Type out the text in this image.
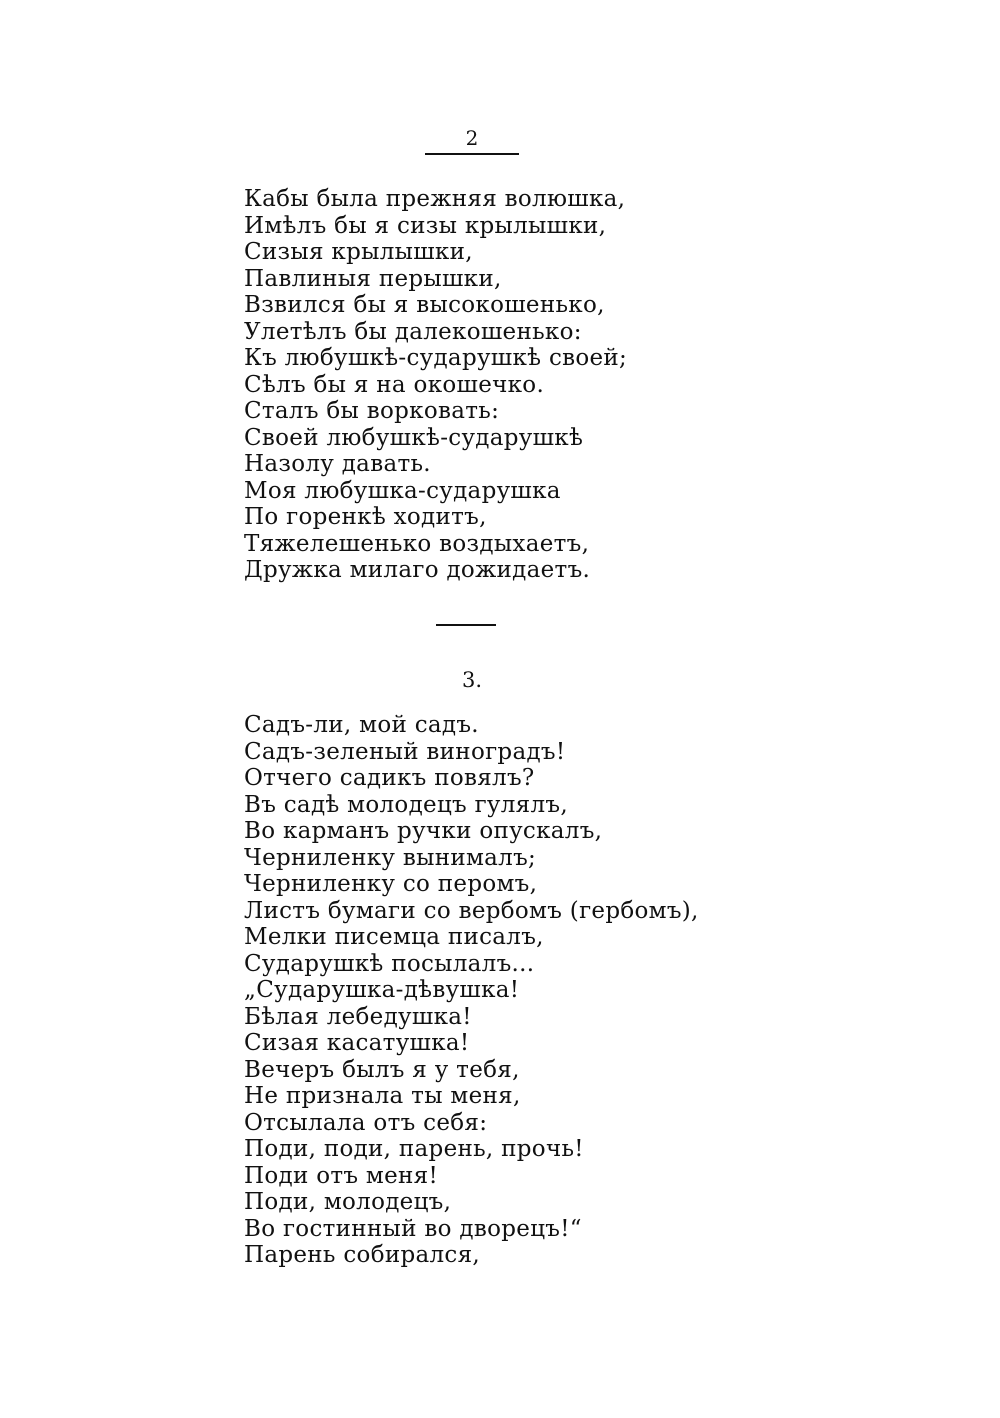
2
Кабы была прежняя волюшка,
Имѣлъ бы я сизы крылышки,
Сизыя крылышки,
Павлиныя перышки,
Взвился бы я высокошенько,
Улетѣлъ бы далекошенько:
Къ любушкѣ-сударушкѣ своей;
Сѣлъ бы я на окошечко.
Сталъ бы ворковать:
Своей любушкѣ-сударушкѣ
Назолу давать.
Моя любушка-сударушка
По горенкѣ ходитъ,
Тяжелешенько воздыхаетъ,
Дружка милаго дожидаетъ.
3.
Садъ-ли, мой садъ.
Садъ-зеленый виноградъ!
Отчего садикъ повялъ?
Въ садѣ молодецъ гулялъ,
Во карманъ ручки опускалъ,
Черниленку вынималъ;
Черниленку со перомъ,
Листъ бумаги со вербомъ (гербомъ),
Мелки писемца писалъ,
Сударушкѣ посылалъ...
„Сударушка-дѣвушка!
Бѣлая лебедушка!
Сизая касатушка!
Вечеръ былъ я у тебя,
Не признала ты меня,
Отсылала отъ себя:
Поди, поди, парень, прочь!
Поди отъ меня!
Поди, молодецъ,
Во гостинный во дворецъ!“
Парень собирался,
